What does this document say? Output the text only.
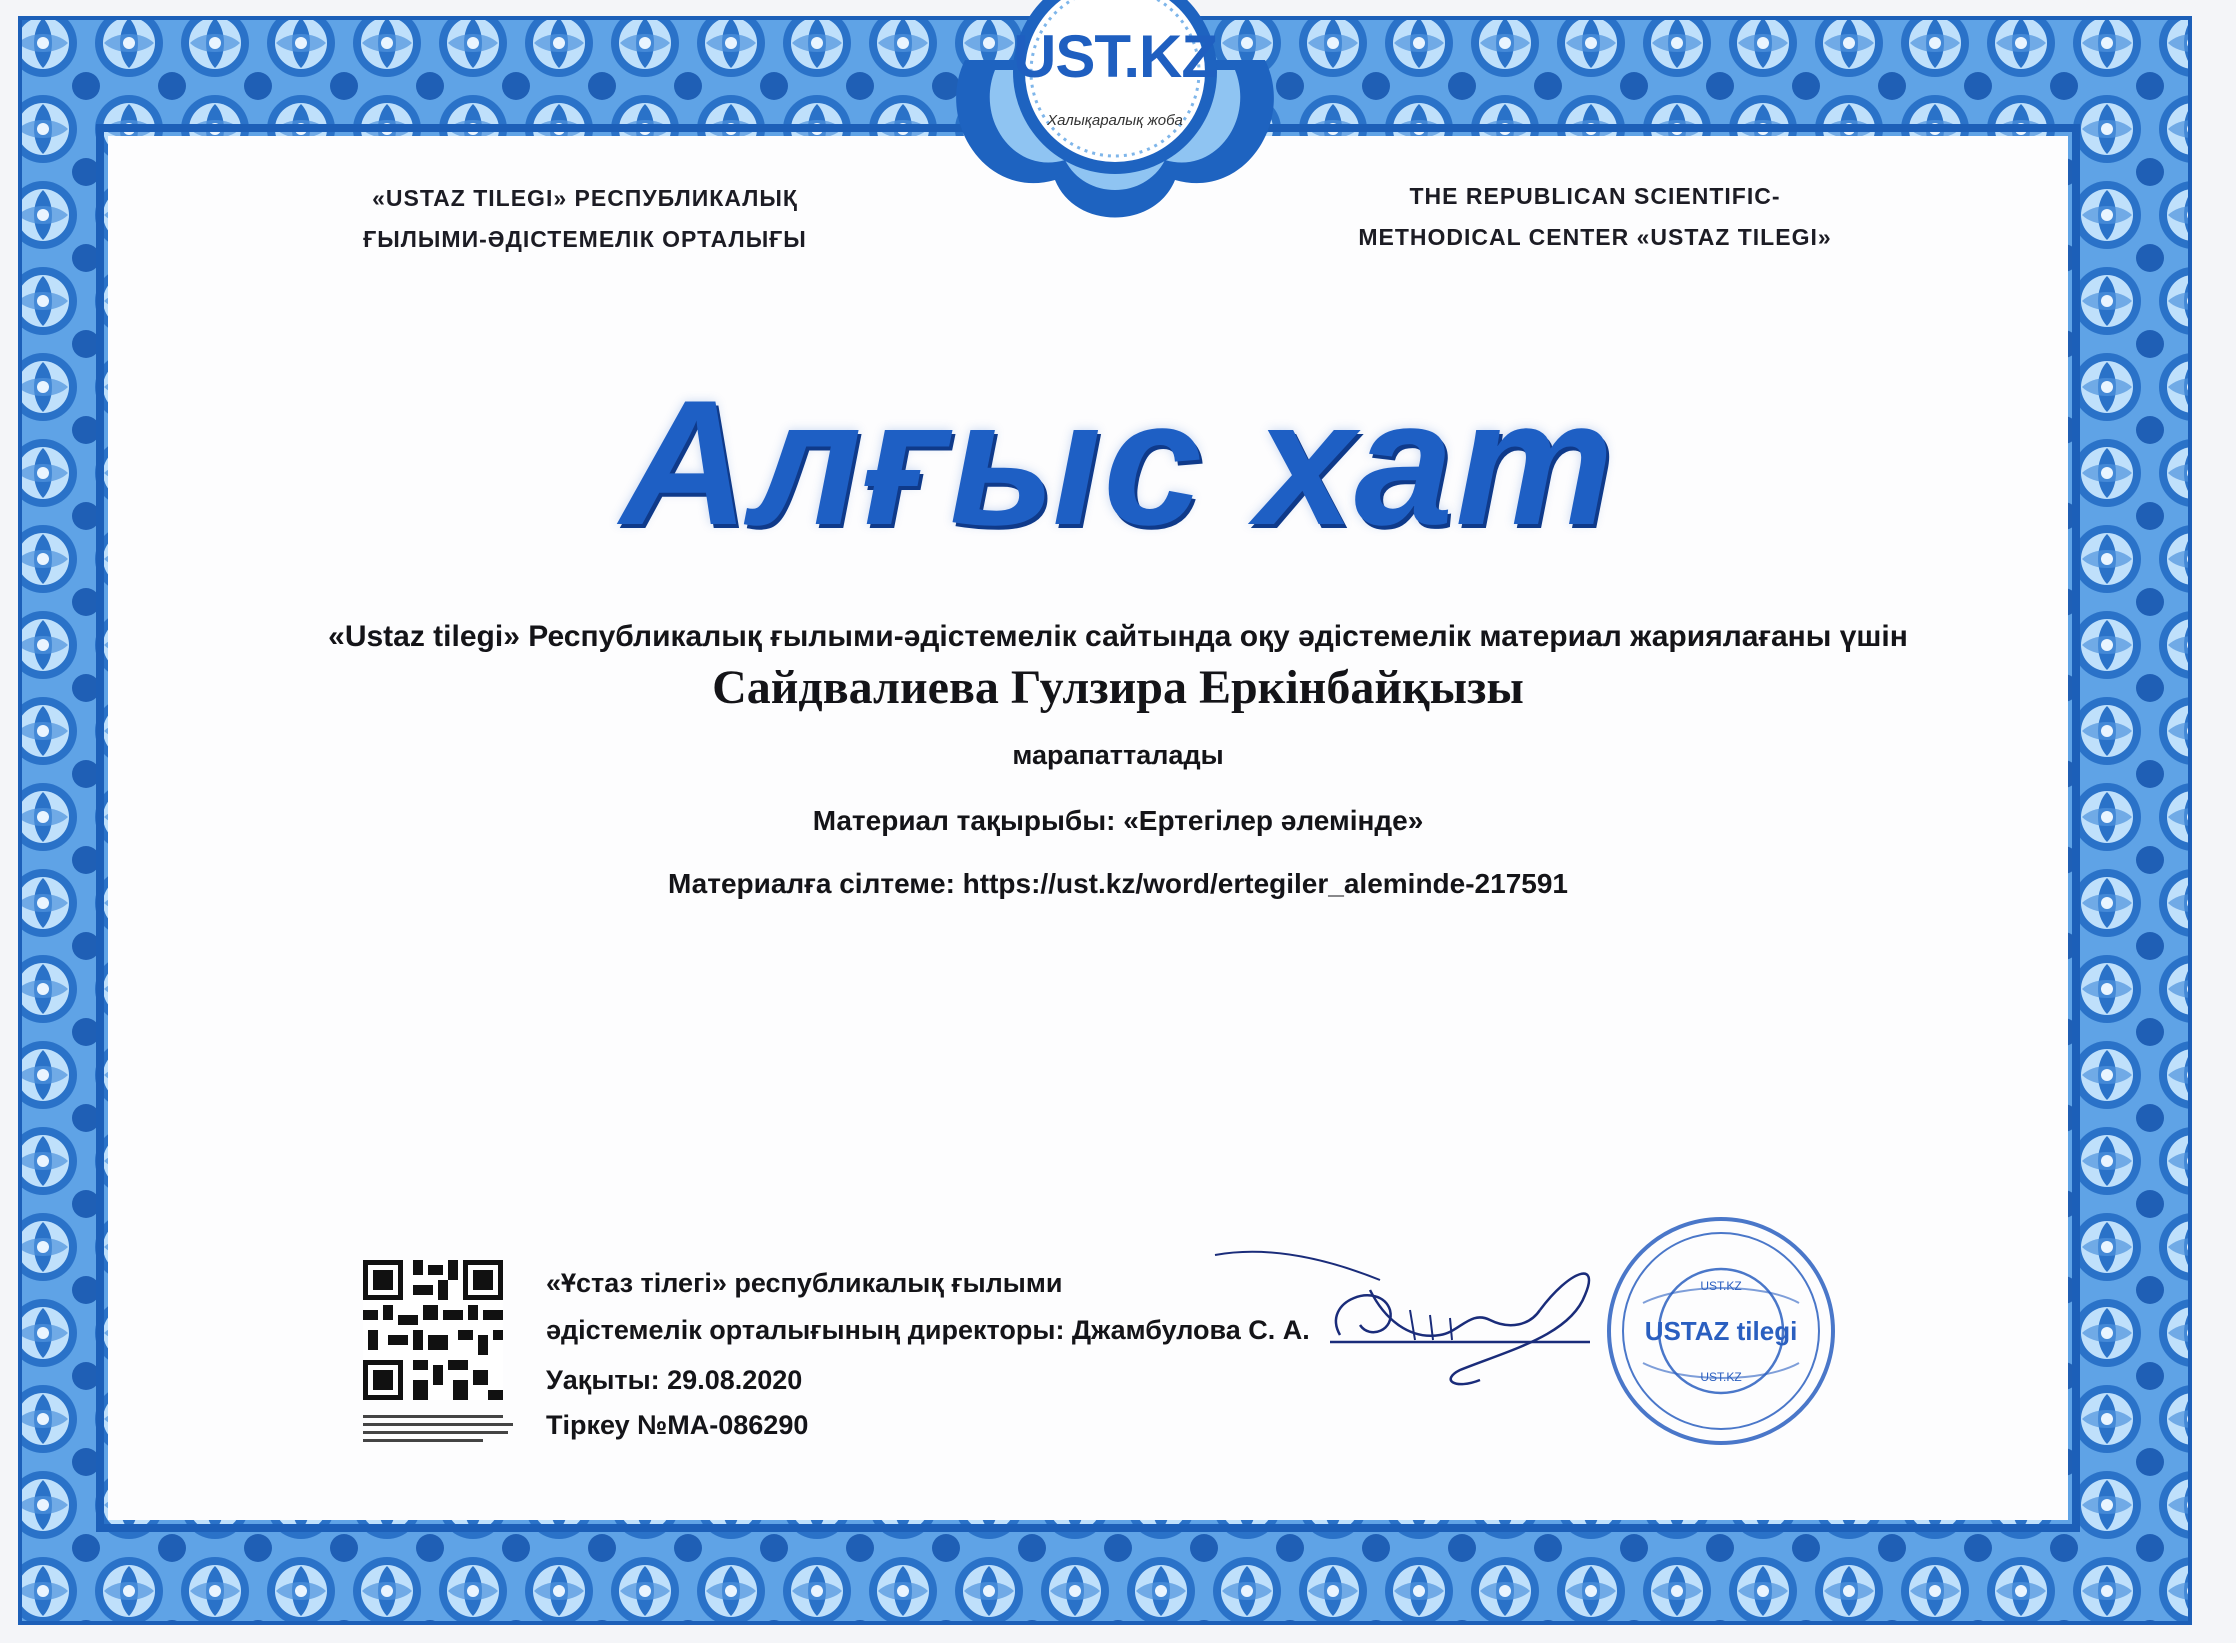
UST.KZ
Халықаралық жоба
«USTAZ TILEGI» РЕСПУБЛИКАЛЫҚ
ҒЫЛЫМИ-ӘДІСТЕМЕЛІК ОРТАЛЫҒЫ
THE REPUBLICAN SCIENTIFIC-
METHODICAL CENTER «USTAZ TILEGI»
Алғыс хат
«Ustaz tilegi» Республикалық ғылыми-әдістемелік сайтында оқу әдістемелік материал жариялағаны үшін
Сайдвалиева Гулзира Еркінбайқызы
марапатталады
Материал тақырыбы: «Ертегілер әлемінде»
Материалға сілтеме: https://ust.kz/word/ertegiler_aleminde-217591
«Ұстаз тілегі» республикалық ғылыми
әдістемелік орталығының директоры: Джамбулова С. А.
Уақыты: 29.08.2020
Тіркеу №МА-086290
UST.KZ
USTAZ tilegi
UST.KZ
